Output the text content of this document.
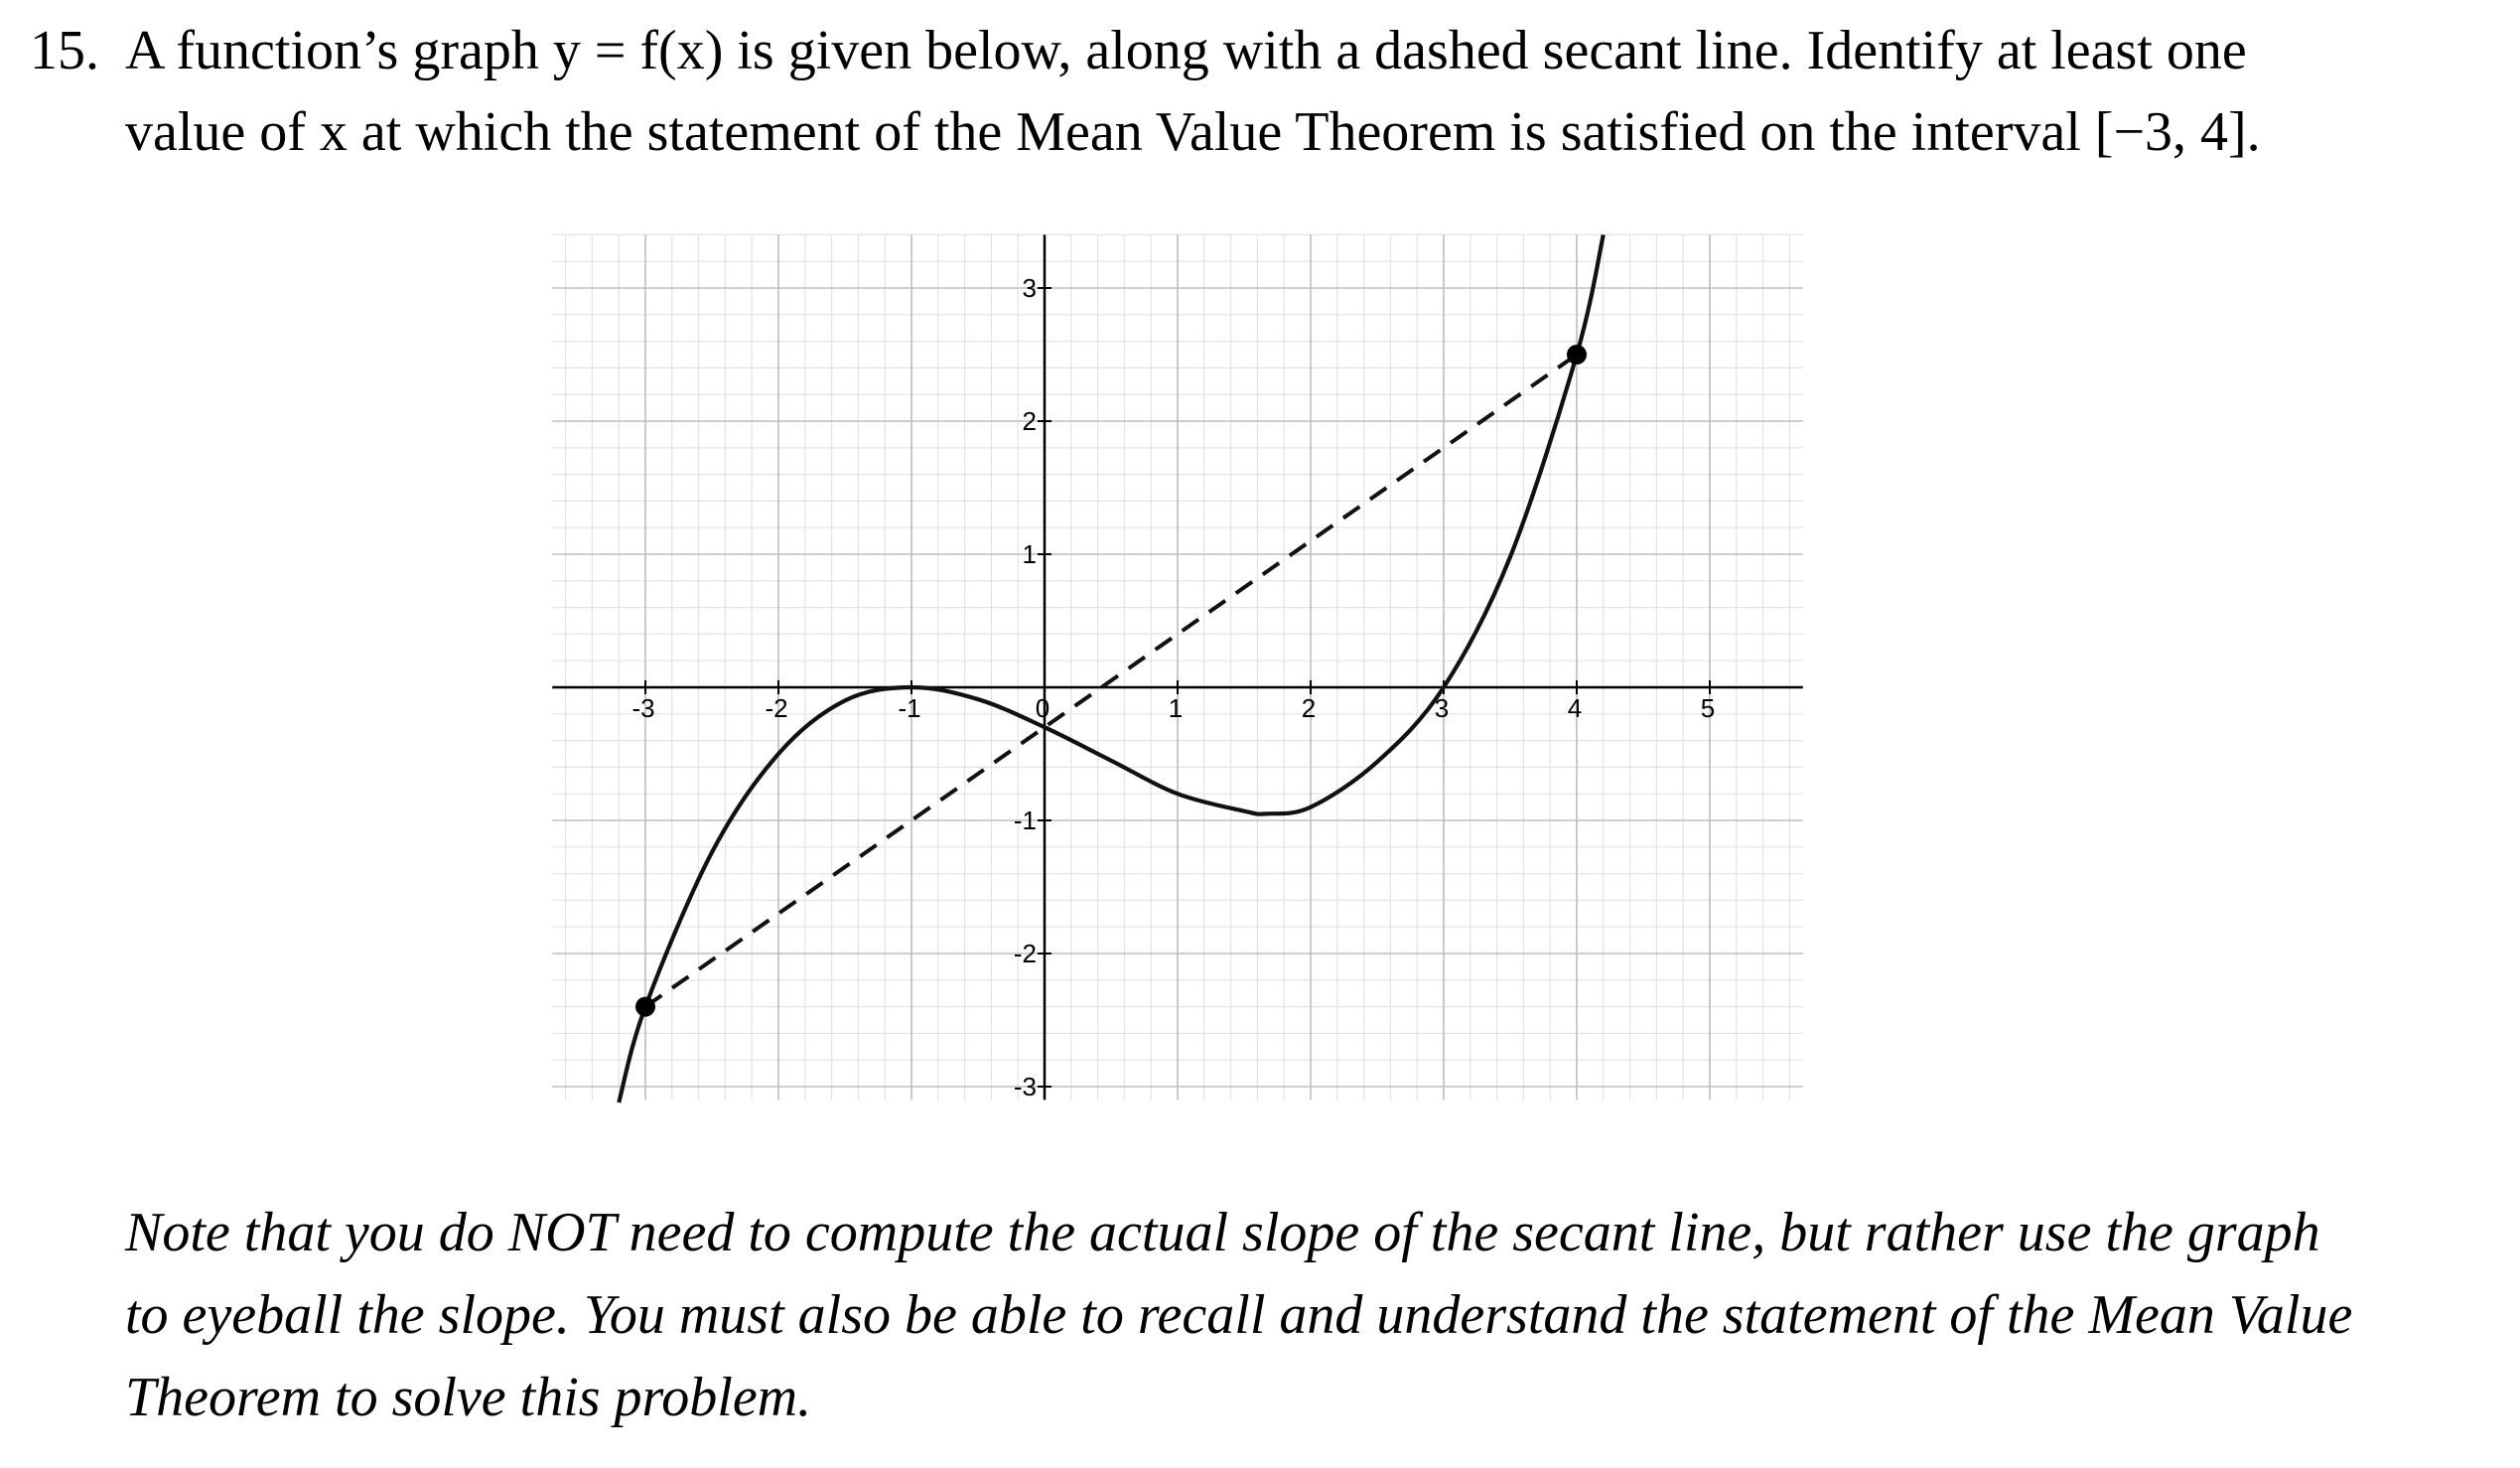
15. A function’s graph y = f(x) is given below, along with a dashed secant line. Identify at least one
value of x at which the statement of the Mean Value Theorem is satisfied on the interval [−3, 4].
-3	-2	-1	0	1	2	3	4	5
-3
-2
-1
1
2
3
Note that you do NOT need to compute the actual slope of the secant line, but rather use the graph
to eyeball the slope. You must also be able to recall and understand the statement of the Mean Value
Theorem to solve this problem.
